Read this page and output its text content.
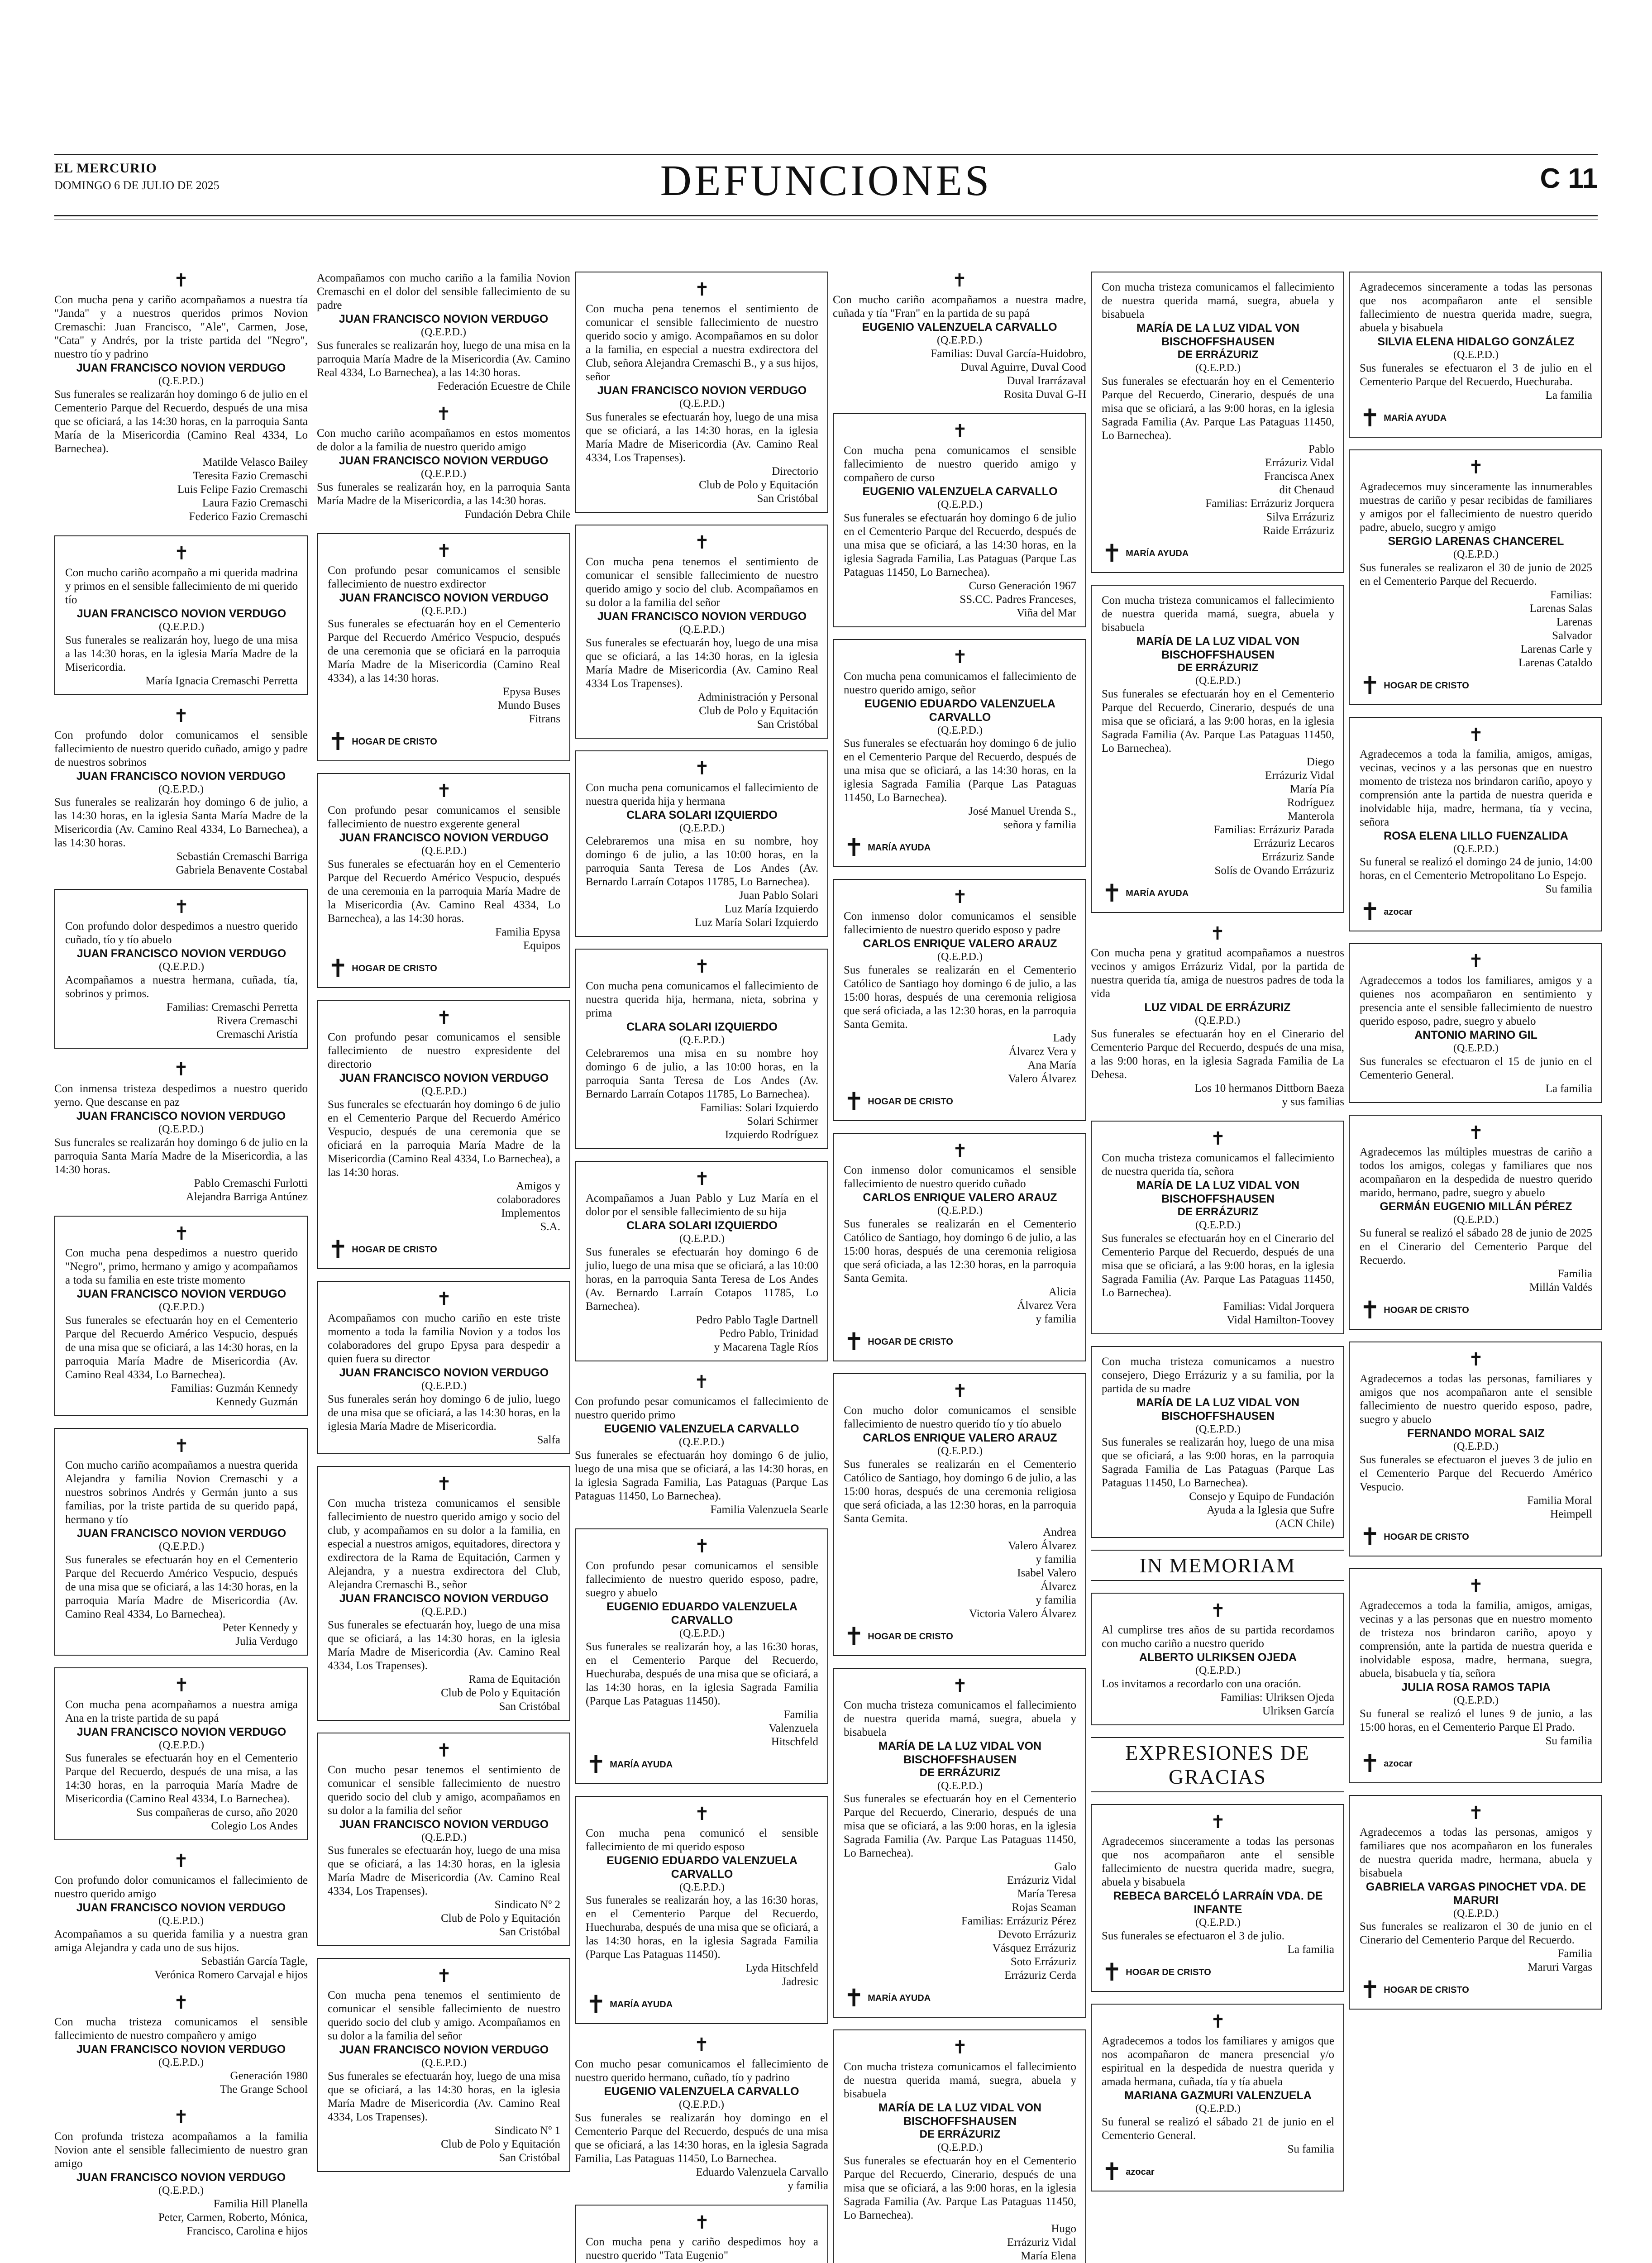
EL MERCURIO
DOMINGO 6 DE JULIO DE 2025	DEFUNCIONES	C 11
✝
Con mucha pena y cariño acompañamos a nuestra tía "Janda" y a nuestros queridos primos Novion Cremaschi: Juan Francisco, "Ale", Carmen, Jose, "Cata" y Andrés, por la triste partida del "Negro", nuestro tío y padrino
JUAN FRANCISCO NOVION VERDUGO
(Q.E.P.D.)
Sus funerales se realizarán hoy domingo 6 de julio en el Cementerio Parque del Recuerdo, después de una misa que se oficiará, a las 14:30 horas, en la parroquia Santa María de la Misericordia (Camino Real 4334, Lo Barnechea).
Matilde Velasco Bailey
Teresita Fazio Cremaschi
Luis Felipe Fazio Cremaschi
Laura Fazio Cremaschi
Federico Fazio Cremaschi
✝
Con mucho cariño acompaño a mi querida madrina y primos en el sensible fallecimiento de mi querido tío
JUAN FRANCISCO NOVION VERDUGO
(Q.E.P.D.)
Sus funerales se realizarán hoy, luego de una misa a las 14:30 horas, en la iglesia María Madre de la Misericordia.
María Ignacia Cremaschi Perretta
✝
Con profundo dolor comunicamos el sensible fallecimiento de nuestro querido cuñado, amigo y padre de nuestros sobrinos
JUAN FRANCISCO NOVION VERDUGO
(Q.E.P.D.)
Sus funerales se realizarán hoy domingo 6 de julio, a las 14:30 horas, en la iglesia Santa María Madre de la Misericordia (Av. Camino Real 4334, Lo Barnechea), a las 14:30 horas.
Sebastián Cremaschi Barriga
Gabriela Benavente Costabal
✝
Con profundo dolor despedimos a nuestro querido cuñado, tío y tío abuelo
JUAN FRANCISCO NOVION VERDUGO
(Q.E.P.D.)
Acompañamos a nuestra hermana, cuñada, tía, sobrinos y primos.
Familias: Cremaschi Perretta
Rivera Cremaschi
Cremaschi Aristía
✝
Con inmensa tristeza despedimos a nuestro querido yerno. Que descanse en paz
JUAN FRANCISCO NOVION VERDUGO
(Q.E.P.D.)
Sus funerales se realizarán hoy domingo 6 de julio en la parroquia Santa María Madre de la Misericordia, a las 14:30 horas.
Pablo Cremaschi Furlotti
Alejandra Barriga Antúnez
✝
Con mucha pena despedimos a nuestro querido "Negro", primo, hermano y amigo y acompañamos a toda su familia en este triste momento
JUAN FRANCISCO NOVION VERDUGO
(Q.E.P.D.)
Sus funerales se efectuarán hoy en el Cementerio Parque del Recuerdo Américo Vespucio, después de una misa que se oficiará, a las 14:30 horas, en la parroquia María Madre de Misericordia (Av. Camino Real 4334, Lo Barnechea).
Familias: Guzmán Kennedy
Kennedy Guzmán
✝
Con mucho cariño acompañamos a nuestra querida Alejandra y familia Novion Cremaschi y a nuestros sobrinos Andrés y Germán junto a sus familias, por la triste partida de su querido papá, hermano y tío
JUAN FRANCISCO NOVION VERDUGO
(Q.E.P.D.)
Sus funerales se efectuarán hoy en el Cementerio Parque del Recuerdo Américo Vespucio, después de una misa que se oficiará, a las 14:30 horas, en la parroquia María Madre de Misericordia (Av. Camino Real 4334, Lo Barnechea).
Peter Kennedy y
Julia Verdugo
✝
Con mucha pena acompañamos a nuestra amiga Ana en la triste partida de su papá
JUAN FRANCISCO NOVION VERDUGO
(Q.E.P.D.)
Sus funerales se efectuarán hoy en el Cementerio Parque del Recuerdo, después de una misa, a las 14:30 horas, en la parroquia María Madre de Misericordia (Camino Real 4334, Lo Barnechea).
Sus compañeras de curso, año 2020
Colegio Los Andes
✝
Con profundo dolor comunicamos el fallecimiento de nuestro querido amigo
JUAN FRANCISCO NOVION VERDUGO
(Q.E.P.D.)
Acompañamos a su querida familia y a nuestra gran amiga Alejandra y cada uno de sus hijos.
Sebastián García Tagle,
Verónica Romero Carvajal e hijos
✝
Con mucha tristeza comunicamos el sensible fallecimiento de nuestro compañero y amigo
JUAN FRANCISCO NOVION VERDUGO
(Q.E.P.D.)
Generación 1980
The Grange School
✝
Con profunda tristeza acompañamos a la familia Novion ante el sensible fallecimiento de nuestro gran amigo
JUAN FRANCISCO NOVION VERDUGO
(Q.E.P.D.)
Familia Hill Planella
Peter, Carmen, Roberto, Mónica,
Francisco, Carolina e hijos
Acompañamos con mucho cariño a la familia Novion Cremaschi en el dolor del sensible fallecimiento de su padre
JUAN FRANCISCO NOVION VERDUGO
(Q.E.P.D.)
Sus funerales se realizarán hoy, luego de una misa en la parroquia María Madre de la Misericordia (Av. Camino Real 4334, Lo Barnechea), a las 14:30 horas.
Federación Ecuestre de Chile
✝
Con mucho cariño acompañamos en estos momentos de dolor a la familia de nuestro querido amigo
JUAN FRANCISCO NOVION VERDUGO
(Q.E.P.D.)
Sus funerales se realizarán hoy, en la parroquia Santa María Madre de la Misericordia, a las 14:30 horas.
Fundación Debra Chile
✝
Con profundo pesar comunicamos el sensible fallecimiento de nuestro exdirector
JUAN FRANCISCO NOVION VERDUGO
(Q.E.P.D.)
Sus funerales se efectuarán hoy en el Cementerio Parque del Recuerdo Américo Vespucio, después de una ceremonia que se oficiará en la parroquia María Madre de la Misericordia (Camino Real 4334), a las 14:30 horas.
Epysa Buses
Mundo Buses
Fitrans
✝ HOGAR DE CRISTO
✝
Con profundo pesar comunicamos el sensible fallecimiento de nuestro exgerente general
JUAN FRANCISCO NOVION VERDUGO
(Q.E.P.D.)
Sus funerales se efectuarán hoy en el Cementerio Parque del Recuerdo Américo Vespucio, después de una ceremonia en la parroquia María Madre de la Misericordia (Av. Camino Real 4334, Lo Barnechea), a las 14:30 horas.
Familia Epysa
Equipos
✝ HOGAR DE CRISTO
✝
Con profundo pesar comunicamos el sensible fallecimiento de nuestro expresidente del directorio
JUAN FRANCISCO NOVION VERDUGO
(Q.E.P.D.)
Sus funerales se efectuarán hoy domingo 6 de julio en el Cementerio Parque del Recuerdo Américo Vespucio, después de una ceremonia que se oficiará en la parroquia María Madre de la Misericordia (Camino Real 4334, Lo Barnechea), a las 14:30 horas.
Amigos y
colaboradores
Implementos
S.A.
✝ HOGAR DE CRISTO
✝
Acompañamos con mucho cariño en este triste momento a toda la familia Novion y a todos los colaboradores del grupo Epysa para despedir a quien fuera su director
JUAN FRANCISCO NOVION VERDUGO
(Q.E.P.D.)
Sus funerales serán hoy domingo 6 de julio, luego de una misa que se oficiará, a las 14:30 horas, en la iglesia María Madre de Misericordia.
Salfa
✝
Con mucha tristeza comunicamos el sensible fallecimiento de nuestro querido amigo y socio del club, y acompañamos en su dolor a la familia, en especial a nuestros amigos, equitadores, directora y exdirectora de la Rama de Equitación, Carmen y Alejandra, y a nuestra exdirectora del Club, Alejandra Cremaschi B., señor
JUAN FRANCISCO NOVION VERDUGO
(Q.E.P.D.)
Sus funerales se efectuarán hoy, luego de una misa que se oficiará, a las 14:30 horas, en la iglesia María Madre de Misericordia (Av. Camino Real 4334, Los Trapenses).
Rama de Equitación
Club de Polo y Equitación
San Cristóbal
✝
Con mucho pesar tenemos el sentimiento de comunicar el sensible fallecimiento de nuestro querido socio del club y amigo, acompañamos en su dolor a la familia del señor
JUAN FRANCISCO NOVION VERDUGO
(Q.E.P.D.)
Sus funerales se efectuarán hoy, luego de una misa que se oficiará, a las 14:30 horas, en la iglesia María Madre de Misericordia (Av. Camino Real 4334, Los Trapenses).
Sindicato Nº 2
Club de Polo y Equitación
San Cristóbal
✝
Con mucha pena tenemos el sentimiento de comunicar el sensible fallecimiento de nuestro querido socio del club y amigo. Acompañamos en su dolor a la familia del señor
JUAN FRANCISCO NOVION VERDUGO
(Q.E.P.D.)
Sus funerales se efectuarán hoy, luego de una misa que se oficiará, a las 14:30 horas, en la iglesia María Madre de Misericordia (Av. Camino Real 4334, Los Trapenses).
Sindicato Nº 1
Club de Polo y Equitación
San Cristóbal
✝
Con mucha pena tenemos el sentimiento de comunicar el sensible fallecimiento de nuestro querido socio y amigo. Acompañamos en su dolor a la familia, en especial a nuestra exdirectora del Club, señora Alejandra Cremaschi B., y a sus hijos, señor
JUAN FRANCISCO NOVION VERDUGO
(Q.E.P.D.)
Sus funerales se efectuarán hoy, luego de una misa que se oficiará, a las 14:30 horas, en la iglesia María Madre de Misericordia (Av. Camino Real 4334, Los Trapenses).
Directorio
Club de Polo y Equitación
San Cristóbal
✝
Con mucha pena tenemos el sentimiento de comunicar el sensible fallecimiento de nuestro querido amigo y socio del club. Acompañamos en su dolor a la familia del señor
JUAN FRANCISCO NOVION VERDUGO
(Q.E.P.D.)
Sus funerales se efectuarán hoy, luego de una misa que se oficiará, a las 14:30 horas, en la iglesia María Madre de Misericordia (Av. Camino Real 4334 Los Trapenses).
Administración y Personal
Club de Polo y Equitación
San Cristóbal
✝
Con mucha pena comunicamos el fallecimiento de nuestra querida hija y hermana
CLARA SOLARI IZQUIERDO
(Q.E.P.D.)
Celebraremos una misa en su nombre, hoy domingo 6 de julio, a las 10:00 horas, en la parroquia Santa Teresa de Los Andes (Av. Bernardo Larraín Cotapos 11785, Lo Barnechea).
Juan Pablo Solari
Luz María Izquierdo
Luz María Solari Izquierdo
✝
Con mucha pena comunicamos el fallecimiento de nuestra querida hija, hermana, nieta, sobrina y prima
CLARA SOLARI IZQUIERDO
(Q.E.P.D.)
Celebraremos una misa en su nombre hoy domingo 6 de julio, a las 10:00 horas, en la parroquia Santa Teresa de Los Andes (Av. Bernardo Larraín Cotapos 11785, Lo Barnechea).
Familias: Solari Izquierdo
Solari Schirmer
Izquierdo Rodríguez
✝
Acompañamos a Juan Pablo y Luz María en el dolor por el sensible fallecimiento de su hija
CLARA SOLARI IZQUIERDO
(Q.E.P.D.)
Sus funerales se efectuarán hoy domingo 6 de julio, luego de una misa que se oficiará, a las 10:00 horas, en la parroquia Santa Teresa de Los Andes (Av. Bernardo Larraín Cotapos 11785, Lo Barnechea).
Pedro Pablo Tagle Dartnell
Pedro Pablo, Trinidad
y Macarena Tagle Ríos
✝
Con profundo pesar comunicamos el fallecimiento de nuestro querido primo
EUGENIO VALENZUELA CARVALLO
(Q.E.P.D.)
Sus funerales se efectuarán hoy domingo 6 de julio, luego de una misa que se oficiará, a las 14:30 horas, en la iglesia Sagrada Familia, Las Pataguas (Parque Las Pataguas 11450, Lo Barnechea).
Familia Valenzuela Searle
✝
Con profundo pesar comunicamos el sensible fallecimiento de nuestro querido esposo, padre, suegro y abuelo
EUGENIO EDUARDO VALENZUELA CARVALLO
(Q.E.P.D.)
Sus funerales se realizarán hoy, a las 16:30 horas, en el Cementerio Parque del Recuerdo, Huechuraba, después de una misa que se oficiará, a las 14:30 horas, en la iglesia Sagrada Familia (Parque Las Pataguas 11450).
Familia
Valenzuela
Hitschfeld
✝ MARÍA AYUDA
✝
Con mucha pena comunicó el sensible fallecimiento de mi querido esposo
EUGENIO EDUARDO VALENZUELA CARVALLO
(Q.E.P.D.)
Sus funerales se realizarán hoy, a las 16:30 horas, en el Cementerio Parque del Recuerdo, Huechuraba, después de una misa que se oficiará, a las 14:30 horas, en la iglesia Sagrada Familia (Parque Las Pataguas 11450).
Lyda Hitschfeld
Jadresic
✝ MARÍA AYUDA
✝
Con mucho pesar comunicamos el fallecimiento de nuestro querido hermano, cuñado, tío y padrino
EUGENIO VALENZUELA CARVALLO
(Q.E.P.D.)
Sus funerales se realizarán hoy domingo en el Cementerio Parque del Recuerdo, después de una misa que se oficiará, a las 14:30 horas, en la iglesia Sagrada Familia, Las Pataguas 11450, Lo Barnechea.
Eduardo Valenzuela Carvallo
y familia
✝
Con mucha pena y cariño despedimos hoy a nuestro querido "Tata Eugenio"
✝
Con mucho cariño acompañamos a nuestra madre, cuñada y tía "Fran" en la partida de su papá
EUGENIO VALENZUELA CARVALLO
(Q.E.P.D.)
Familias: Duval García-Huidobro,
Duval Aguirre, Duval Cood
Duval Irarrázaval
Rosita Duval G-H
✝
Con mucha pena comunicamos el sensible fallecimiento de nuestro querido amigo y compañero de curso
EUGENIO VALENZUELA CARVALLO
(Q.E.P.D.)
Sus funerales se efectuarán hoy domingo 6 de julio en el Cementerio Parque del Recuerdo, después de una misa que se oficiará, a las 14:30 horas, en la iglesia Sagrada Familia, Las Pataguas (Parque Las Pataguas 11450, Lo Barnechea).
Curso Generación 1967
SS.CC. Padres Franceses,
Viña del Mar
✝
Con mucha pena comunicamos el fallecimiento de nuestro querido amigo, señor
EUGENIO EDUARDO VALENZUELA CARVALLO
(Q.E.P.D.)
Sus funerales se efectuarán hoy domingo 6 de julio en el Cementerio Parque del Recuerdo, después de una misa que se oficiará, a las 14:30 horas, en la iglesia Sagrada Familia (Parque Las Pataguas 11450, Lo Barnechea).
José Manuel Urenda S.,
señora y familia
✝ MARÍA AYUDA
✝
Con inmenso dolor comunicamos el sensible fallecimiento de nuestro querido esposo y padre
CARLOS ENRIQUE VALERO ARAUZ
(Q.E.P.D.)
Sus funerales se realizarán en el Cementerio Católico de Santiago hoy domingo 6 de julio, a las 15:00 horas, después de una ceremonia religiosa que será oficiada, a las 12:30 horas, en la parroquia Santa Gemita.
Lady
Álvarez Vera y
Ana María
Valero Álvarez
✝ HOGAR DE CRISTO
✝
Con inmenso dolor comunicamos el sensible fallecimiento de nuestro querido cuñado
CARLOS ENRIQUE VALERO ARAUZ
(Q.E.P.D.)
Sus funerales se realizarán en el Cementerio Católico de Santiago, hoy domingo 6 de julio, a las 15:00 horas, después de una ceremonia religiosa que será oficiada, a las 12:30 horas, en la parroquia Santa Gemita.
Alicia
Álvarez Vera
y familia
✝ HOGAR DE CRISTO
✝
Con mucho dolor comunicamos el sensible fallecimiento de nuestro querido tío y tío abuelo
CARLOS ENRIQUE VALERO ARAUZ
(Q.E.P.D.)
Sus funerales se realizarán en el Cementerio Católico de Santiago, hoy domingo 6 de julio, a las 15:00 horas, después de una ceremonia religiosa que será oficiada, a las 12:30 horas, en la parroquia Santa Gemita.
Andrea
Valero Álvarez
y familia
Isabel Valero
Álvarez
y familia
Victoria Valero Álvarez
✝ HOGAR DE CRISTO
✝
Con mucha tristeza comunicamos el fallecimiento de nuestra querida mamá, suegra, abuela y bisabuela
MARÍA DE LA LUZ VIDAL VON BISCHOFFSHAUSEN
DE ERRÁZURIZ
(Q.E.P.D.)
Sus funerales se efectuarán hoy en el Cementerio Parque del Recuerdo, Cinerario, después de una misa que se oficiará, a las 9:00 horas, en la iglesia Sagrada Familia (Av. Parque Las Pataguas 11450, Lo Barnechea).
Galo
Errázuriz Vidal
María Teresa
Rojas Seaman
Familias: Errázuriz Pérez
Devoto Errázuriz
Vásquez Errázuriz
Soto Errázuriz
Errázuriz Cerda
✝ MARÍA AYUDA
✝
Con mucha tristeza comunicamos el fallecimiento de nuestra querida mamá, suegra, abuela y bisabuela
MARÍA DE LA LUZ VIDAL VON BISCHOFFSHAUSEN
DE ERRÁZURIZ
(Q.E.P.D.)
Sus funerales se efectuarán hoy en el Cementerio Parque del Recuerdo, Cinerario, después de una misa que se oficiará, a las 9:00 horas, en la iglesia Sagrada Familia (Av. Parque Las Pataguas 11450, Lo Barnechea).
Hugo
Errázuriz Vidal
María Elena
Con mucha tristeza comunicamos el fallecimiento de nuestra querida mamá, suegra, abuela y bisabuela
MARÍA DE LA LUZ VIDAL VON BISCHOFFSHAUSEN
DE ERRÁZURIZ
(Q.E.P.D.)
Sus funerales se efectuarán hoy en el Cementerio Parque del Recuerdo, Cinerario, después de una misa que se oficiará, a las 9:00 horas, en la iglesia Sagrada Familia (Av. Parque Las Pataguas 11450, Lo Barnechea).
Pablo
Errázuriz Vidal
Francisca Anex
dit Chenaud
Familias: Errázuriz Jorquera
Silva Errázuriz
Raide Errázuriz
✝ MARÍA AYUDA
Con mucha tristeza comunicamos el fallecimiento de nuestra querida mamá, suegra, abuela y bisabuela
MARÍA DE LA LUZ VIDAL VON BISCHOFFSHAUSEN
DE ERRÁZURIZ
(Q.E.P.D.)
Sus funerales se efectuarán hoy en el Cementerio Parque del Recuerdo, Cinerario, después de una misa que se oficiará, a las 9:00 horas, en la iglesia Sagrada Familia (Av. Parque Las Pataguas 11450, Lo Barnechea).
Diego
Errázuriz Vidal
María Pía
Rodríguez
Manterola
Familias: Errázuriz Parada
Errázuriz Lecaros
Errázuriz Sande
Solís de Ovando Errázuriz
✝ MARÍA AYUDA
✝
Con mucha pena y gratitud acompañamos a nuestros vecinos y amigos Errázuriz Vidal, por la partida de nuestra querida tía, amiga de nuestros padres de toda la vida
LUZ VIDAL DE ERRÁZURIZ
(Q.E.P.D.)
Sus funerales se efectuarán hoy en el Cinerario del Cementerio Parque del Recuerdo, después de una misa, a las 9:00 horas, en la iglesia Sagrada Familia de La Dehesa.
Los 10 hermanos Dittborn Baeza
y sus familias
✝
Con mucha tristeza comunicamos el fallecimiento de nuestra querida tía, señora
MARÍA DE LA LUZ VIDAL VON BISCHOFFSHAUSEN
DE ERRÁZURIZ
(Q.E.P.D.)
Sus funerales se efectuarán hoy en el Cinerario del Cementerio Parque del Recuerdo, después de una misa que se oficiará, a las 9:00 horas, en la iglesia Sagrada Familia (Av. Parque Las Pataguas 11450, Lo Barnechea).
Familias: Vidal Jorquera
Vidal Hamilton-Toovey
Con mucha tristeza comunicamos a nuestro consejero, Diego Errázuriz y a su familia, por la partida de su madre
MARÍA DE LA LUZ VIDAL VON BISCHOFFSHAUSEN
(Q.E.P.D.)
Sus funerales se realizarán hoy, luego de una misa que se oficiará, a las 9:00 horas, en la parroquia Sagrada Familia de Las Pataguas (Parque Las Pataguas 11450, Lo Barnechea).
Consejo y Equipo de Fundación
Ayuda a la Iglesia que Sufre
(ACN Chile)
IN MEMORIAM
✝
Al cumplirse tres años de su partida recordamos con mucho cariño a nuestro querido
ALBERTO ULRIKSEN OJEDA
(Q.E.P.D.)
Los invitamos a recordarlo con una oración.
Familias: Ulriksen Ojeda
Ulriksen García
EXPRESIONES DE GRACIAS
✝
Agradecemos sinceramente a todas las personas que nos acompañaron ante el sensible fallecimiento de nuestra querida madre, suegra, abuela y bisabuela
REBECA BARCELÓ LARRAÍN VDA. DE INFANTE
(Q.E.P.D.)
Sus funerales se efectuaron el 3 de julio.
La familia
✝ HOGAR DE CRISTO
✝
Agradecemos a todos los familiares y amigos que nos acompañaron de manera presencial y/o espiritual en la despedida de nuestra querida y amada hermana, cuñada, tía y tía abuela
MARIANA GAZMURI VALENZUELA
(Q.E.P.D.)
Su funeral se realizó el sábado 21 de junio en el Cementerio General.
Su familia
✝ azocar
Agradecemos sinceramente a todas las personas que nos acompañaron ante el sensible fallecimiento de nuestra querida madre, suegra, abuela y bisabuela
SILVIA ELENA HIDALGO GONZÁLEZ
(Q.E.P.D.)
Sus funerales se efectuaron el 3 de julio en el Cementerio Parque del Recuerdo, Huechuraba.
La familia
✝ MARÍA AYUDA
✝
Agradecemos muy sinceramente las innumerables muestras de cariño y pesar recibidas de familiares y amigos por el fallecimiento de nuestro querido padre, abuelo, suegro y amigo
SERGIO LARENAS CHANCEREL
(Q.E.P.D.)
Sus funerales se realizaron el 30 de junio de 2025 en el Cementerio Parque del Recuerdo.
Familias:
Larenas Salas
Larenas
Salvador
Larenas Carle y
Larenas Cataldo
✝ HOGAR DE CRISTO
✝
Agradecemos a toda la familia, amigos, amigas, vecinas, vecinos y a las personas que en nuestro momento de tristeza nos brindaron cariño, apoyo y comprensión ante la partida de nuestra querida e inolvidable hija, madre, hermana, tía y vecina, señora
ROSA ELENA LILLO FUENZALIDA
(Q.E.P.D.)
Su funeral se realizó el domingo 24 de junio, 14:00 horas, en el Cementerio Metropolitano Lo Espejo.
Su familia
✝ azocar
✝
Agradecemos a todos los familiares, amigos y a quienes nos acompañaron en sentimiento y presencia ante el sensible fallecimiento de nuestro querido esposo, padre, suegro y abuelo
ANTONIO MARINO GIL
(Q.E.P.D.)
Sus funerales se efectuaron el 15 de junio en el Cementerio General.
La familia
✝
Agradecemos las múltiples muestras de cariño a todos los amigos, colegas y familiares que nos acompañaron en la despedida de nuestro querido marido, hermano, padre, suegro y abuelo
GERMÁN EUGENIO MILLÁN PÉREZ
(Q.E.P.D.)
Su funeral se realizó el sábado 28 de junio de 2025 en el Cinerario del Cementerio Parque del Recuerdo.
Familia
Millán Valdés
✝ HOGAR DE CRISTO
✝
Agradecemos a todas las personas, familiares y amigos que nos acompañaron ante el sensible fallecimiento de nuestro querido esposo, padre, suegro y abuelo
FERNANDO MORAL SAIZ
(Q.E.P.D.)
Sus funerales se efectuaron el jueves 3 de julio en el Cementerio Parque del Recuerdo Américo Vespucio.
Familia Moral
Heimpell
✝ HOGAR DE CRISTO
✝
Agradecemos a toda la familia, amigos, amigas, vecinas y a las personas que en nuestro momento de tristeza nos brindaron cariño, apoyo y comprensión, ante la partida de nuestra querida e inolvidable esposa, madre, hermana, suegra, abuela, bisabuela y tía, señora
JULIA ROSA RAMOS TAPIA
(Q.E.P.D.)
Su funeral se realizó el lunes 9 de junio, a las 15:00 horas, en el Cementerio Parque El Prado.
Su familia
✝ azocar
✝
Agradecemos a todas las personas, amigos y familiares que nos acompañaron en los funerales de nuestra querida madre, hermana, abuela y bisabuela
GABRIELA VARGAS PINOCHET VDA. DE MARURI
(Q.E.P.D.)
Sus funerales se realizaron el 30 de junio en el Cinerario del Cementerio Parque del Recuerdo.
Familia
Maruri Vargas
✝ HOGAR DE CRISTO
